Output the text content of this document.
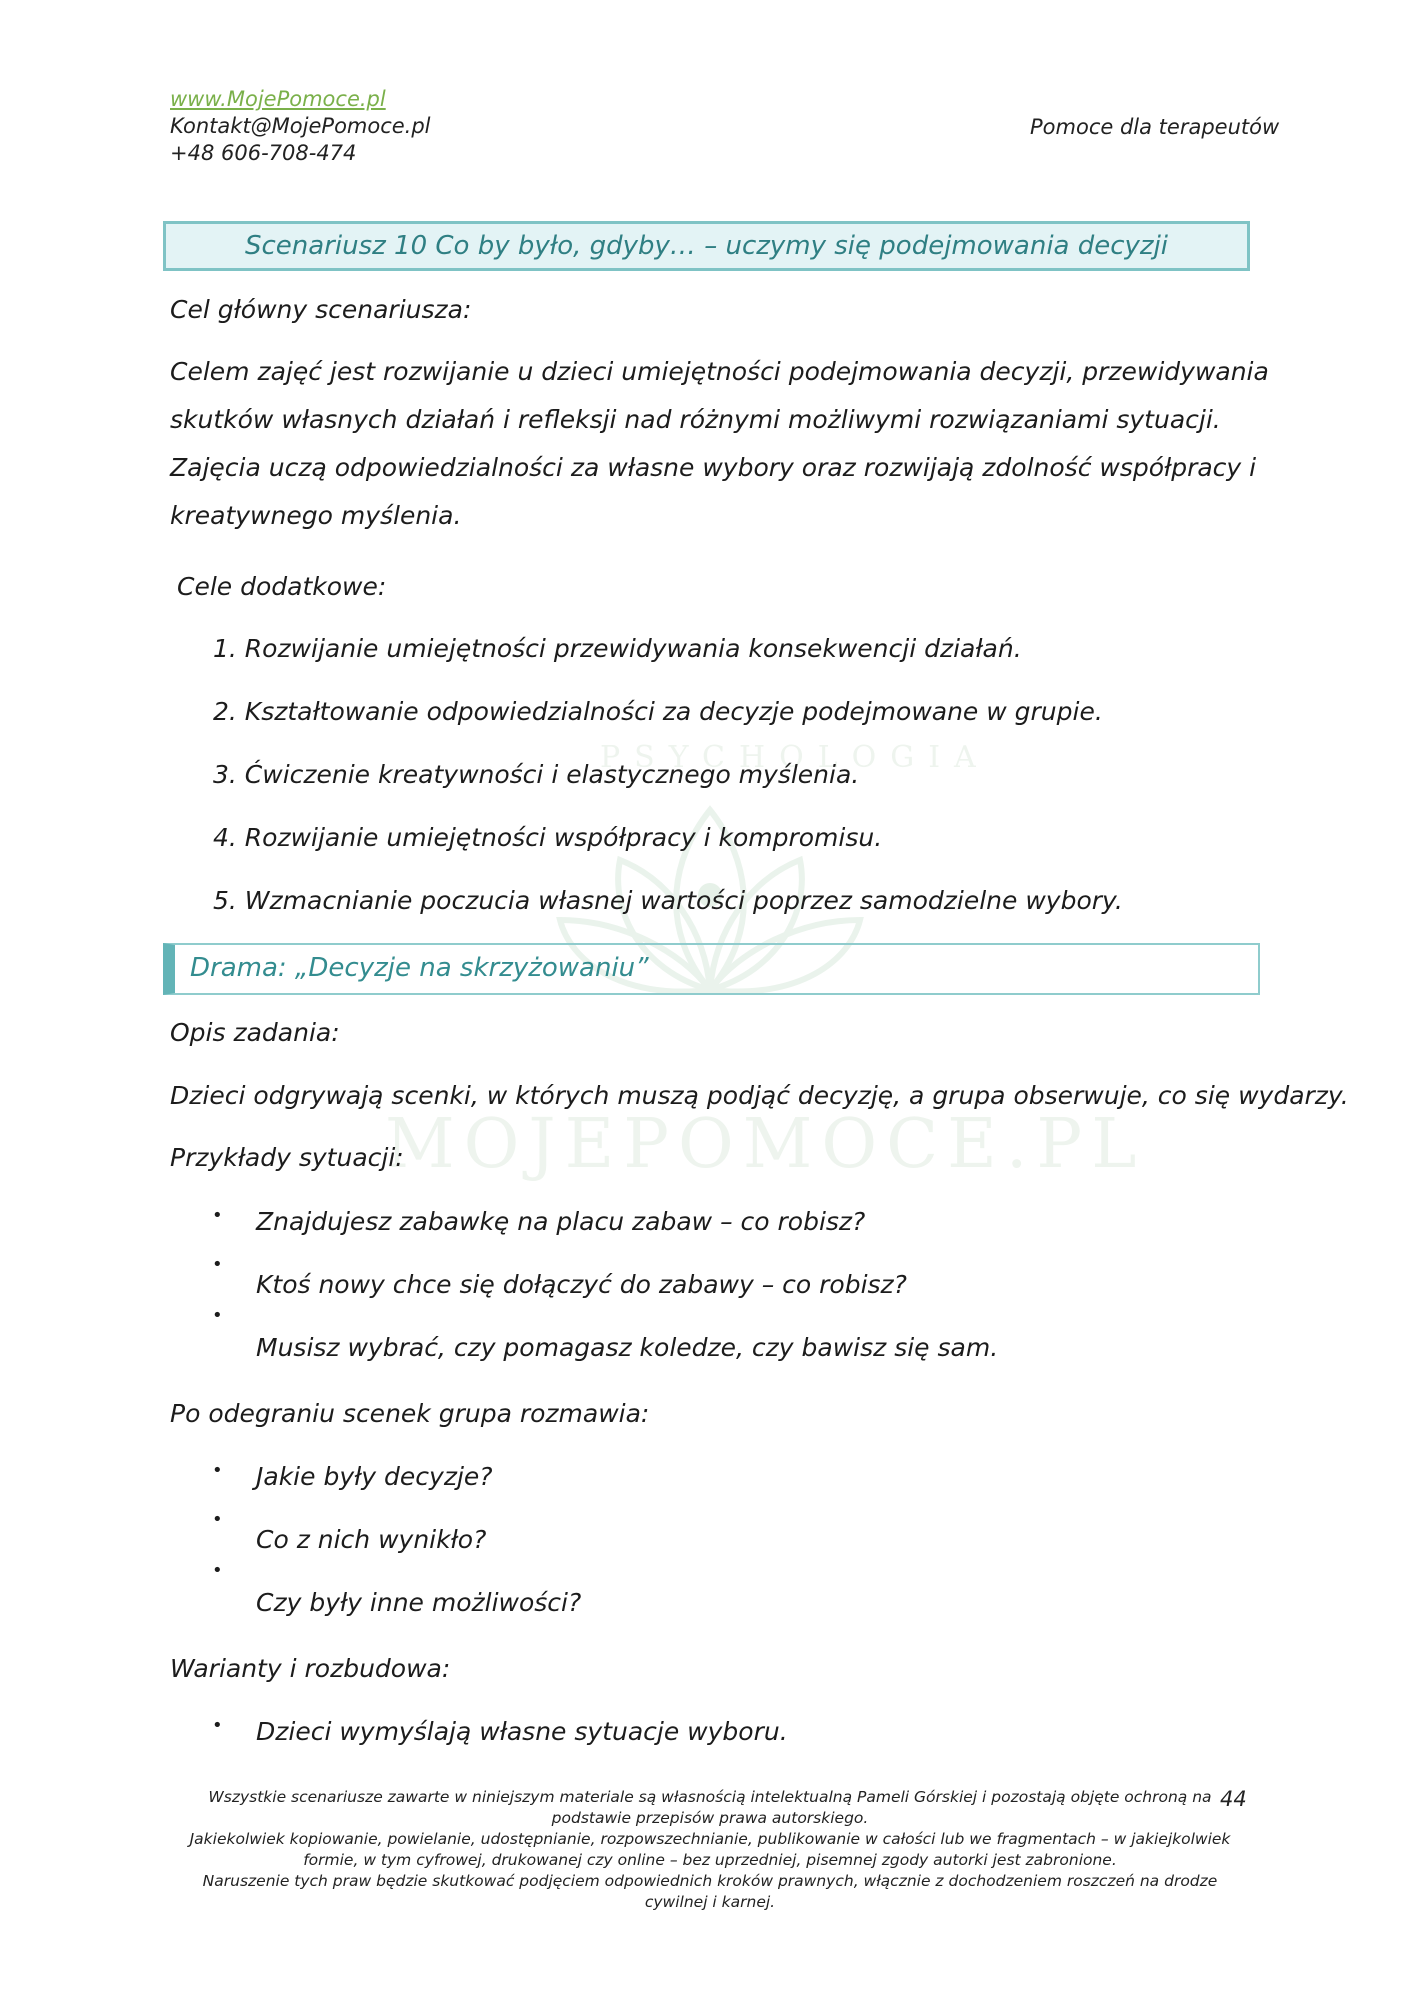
PSYCHOLOGIA
MOJEPOMOCE.PL
www.MojePomoce.pl
Kontakt@MojePomoce.pl
+48 606-708-474
Pomoce dla terapeutów
Scenariusz 10 Co by było, gdyby… – uczymy się podejmowania decyzji
Cel główny scenariusza:
Celem zajęć jest rozwijanie u dzieci umiejętności podejmowania decyzji, przewidywania
skutków własnych działań i refleksji nad różnymi możliwymi rozwiązaniami sytuacji.
Zajęcia uczą odpowiedzialności za własne wybory oraz rozwijają zdolność współpracy i
kreatywnego myślenia.
Cele dodatkowe:
1. Rozwijanie umiejętności przewidywania konsekwencji działań.
2. Kształtowanie odpowiedzialności za decyzje podejmowane w grupie.
3. Ćwiczenie kreatywności i elastycznego myślenia.
4. Rozwijanie umiejętności współpracy i kompromisu.
5. Wzmacnianie poczucia własnej wartości poprzez samodzielne wybory.
Drama: „Decyzje na skrzyżowaniu”
Opis zadania:
Dzieci odgrywają scenki, w których muszą podjąć decyzję, a grupa obserwuje, co się wydarzy.
Przykłady sytuacji:
• Znajdujesz zabawkę na placu zabaw – co robisz?
•
Ktoś nowy chce się dołączyć do zabawy – co robisz?
•
Musisz wybrać, czy pomagasz koledze, czy bawisz się sam.
Po odegraniu scenek grupa rozmawia:
• Jakie były decyzje?
•
Co z nich wynikło?
•
Czy były inne możliwości?
Warianty i rozbudowa:
• Dzieci wymyślają własne sytuacje wyboru.
Wszystkie scenariusze zawarte w niniejszym materiale są własnością intelektualną Pameli Górskiej i pozostają objęte ochroną na
podstawie przepisów prawa autorskiego.
Jakiekolwiek kopiowanie, powielanie, udostępnianie, rozpowszechnianie, publikowanie w całości lub we fragmentach – w jakiejkolwiek
formie, w tym cyfrowej, drukowanej czy online – bez uprzedniej, pisemnej zgody autorki jest zabronione.
Naruszenie tych praw będzie skutkować podjęciem odpowiednich kroków prawnych, włącznie z dochodzeniem roszczeń na drodze
cywilnej i karnej.
44
